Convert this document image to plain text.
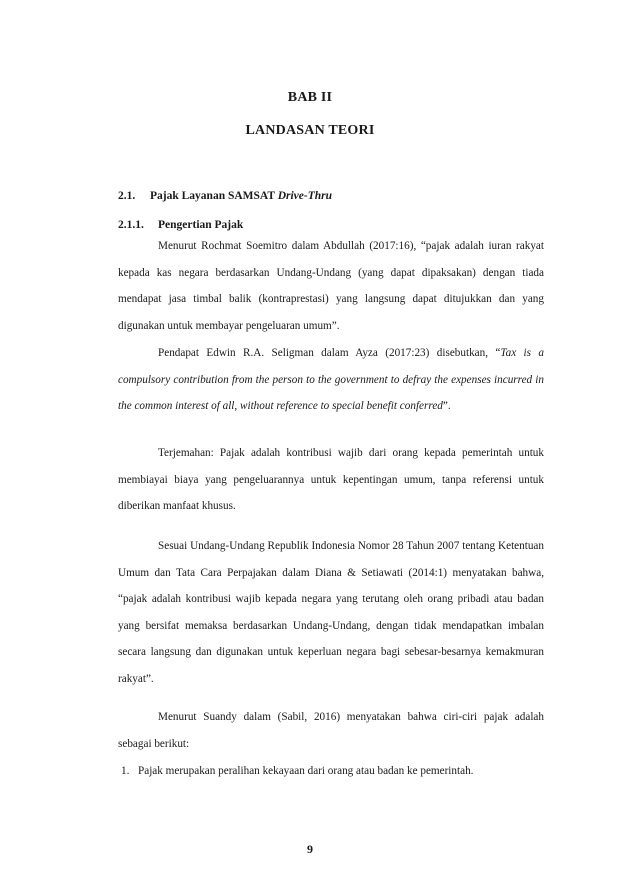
BAB II
LANDASAN TEORI
2.1. Pajak Layanan SAMSAT Drive-Thru
2.1.1. Pengertian Pajak

Menurut Rochmat Soemitro dalam Abdullah (2017:16), “pajak adalah iuran rakyat kepada kas negara berdasarkan Undang-Undang (yang dapat dipaksakan) dengan tiada mendapat jasa timbal balik (kontraprestasi) yang langsung dapat ditujukkan dan yang digunakan untuk membayar pengeluaran umum”.

Pendapat Edwin R.A. Seligman dalam Ayza (2017:23) disebutkan, “Tax is a compulsory contribution from the person to the government to defray the expenses incurred in the common interest of all, without reference to special benefit conferred”.

Terjemahan: Pajak adalah kontribusi wajib dari orang kepada pemerintah untuk membiayai biaya yang pengeluarannya untuk kepentingan umum, tanpa referensi untuk diberikan manfaat khusus.

Sesuai Undang-Undang Republik Indonesia Nomor 28 Tahun 2007 tentang Ketentuan Umum dan Tata Cara Perpajakan dalam Diana & Setiawati (2014:1) menyatakan bahwa, “pajak adalah kontribusi wajib kepada negara yang terutang oleh orang pribadi atau badan yang bersifat memaksa berdasarkan Undang-Undang, dengan tidak mendapatkan imbalan secara langsung dan digunakan untuk keperluan negara bagi sebesar-besarnya kemakmuran rakyat”.

Menurut Suandy dalam (Sabil, 2016) menyatakan bahwa ciri-ciri pajak adalah sebagai berikut:

1. Pajak merupakan peralihan kekayaan dari orang atau badan ke pemerintah.
9
